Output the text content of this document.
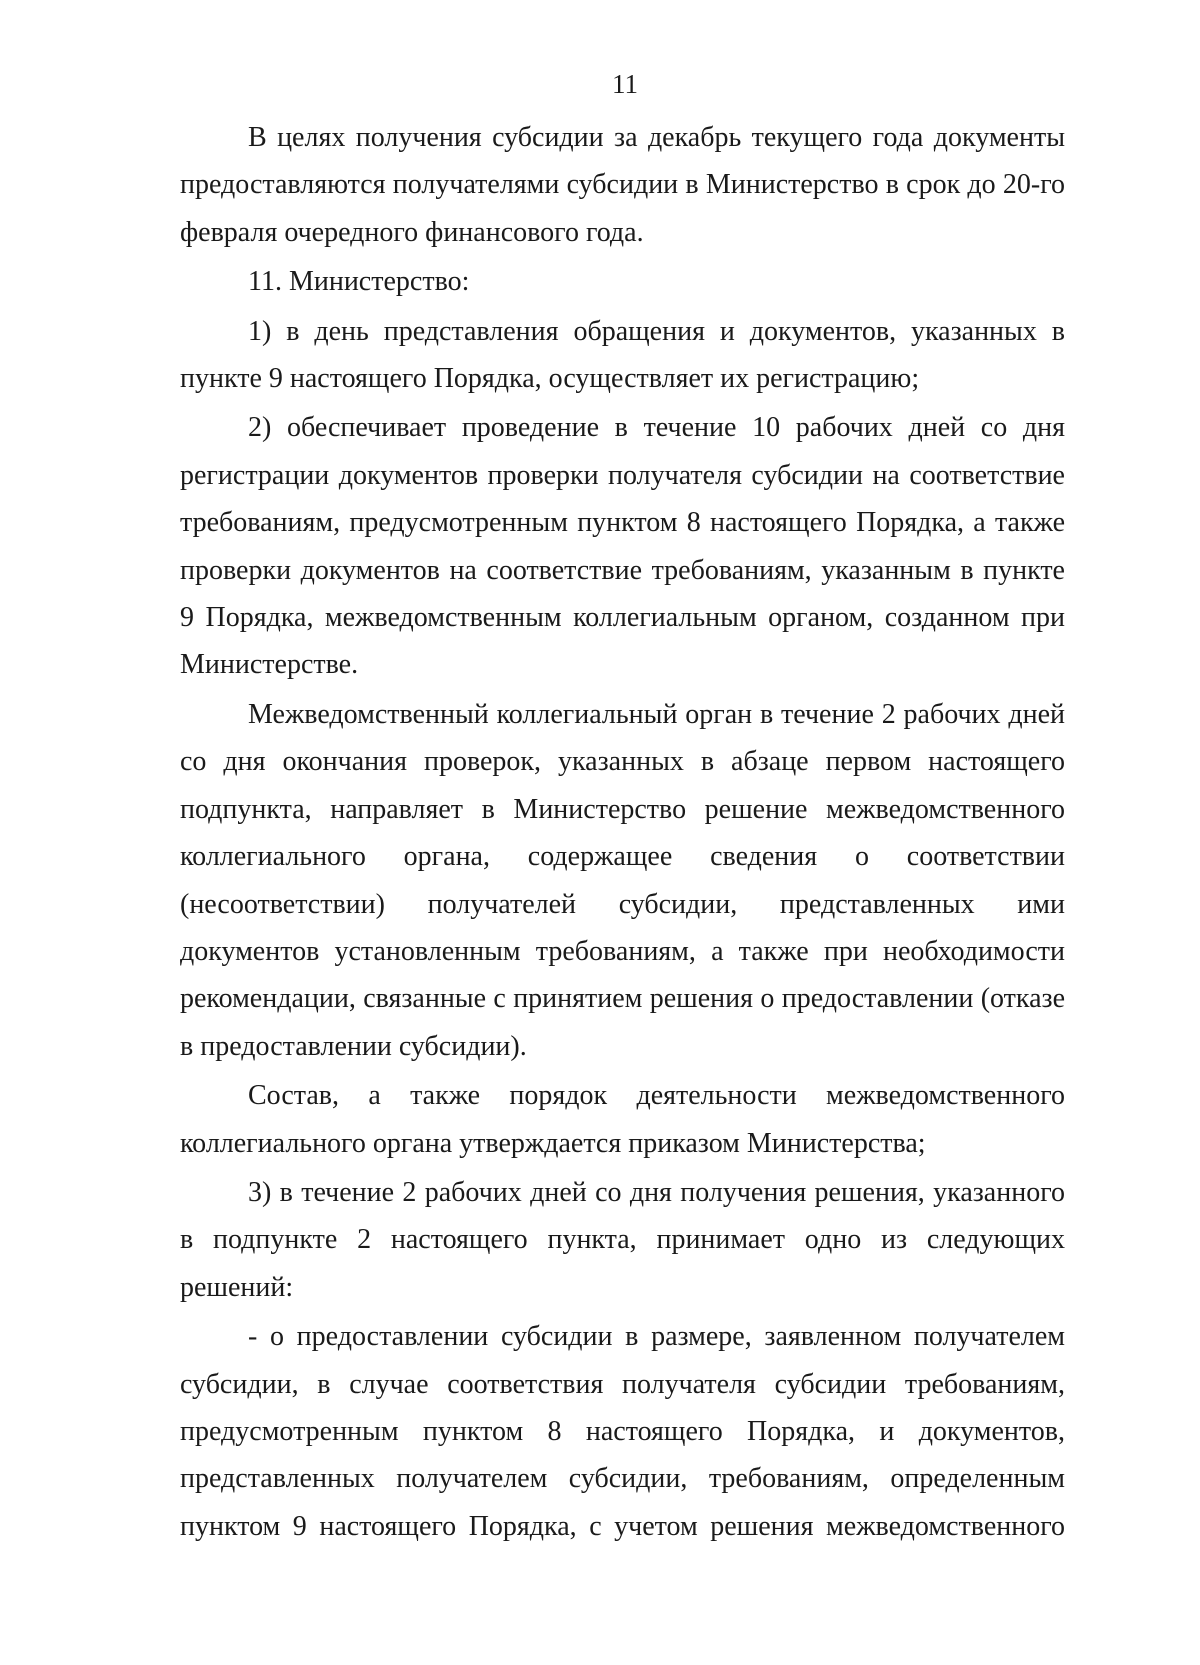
11

В целях получения субсидии за декабрь текущего года документы предоставляются получателями субсидии в Министерство в срок до 20-го февраля очередного финансового года.

11. Министерство:

1) в день представления обращения и документов, указанных в пункте 9 настоящего Порядка, осуществляет их регистрацию;

2) обеспечивает проведение в течение 10 рабочих дней со дня регистрации документов проверки получателя субсидии на соответствие требованиям, предусмотренным пунктом 8 настоящего Порядка, а также проверки документов на соответствие требованиям, указанным в пункте 9 Порядка, межведомственным коллегиальным органом, созданном при Министерстве.

Межведомственный коллегиальный орган в течение 2 рабочих дней со дня окончания проверок, указанных в абзаце первом настоящего подпункта, направляет в Министерство решение межведомственного коллегиального органа, содержащее сведения о соответствии (несоответствии) получателей субсидии, представленных ими документов установленным требованиям, а также при необходимости рекомендации, связанные с принятием решения о предоставлении (отказе в предоставлении субсидии).

Состав, а также порядок деятельности межведомственного коллегиального органа утверждается приказом Министерства;

3) в течение 2 рабочих дней со дня получения решения, указанного в подпункте 2 настоящего пункта, принимает одно из следующих решений:

- о предоставлении субсидии в размере, заявленном получателем субсидии, в случае соответствия получателя субсидии требованиям, предусмотренным пунктом 8 настоящего Порядка, и документов, представленных получателем субсидии, требованиям, определенным пунктом 9 настоящего Порядка, с учетом решения межведомственного
